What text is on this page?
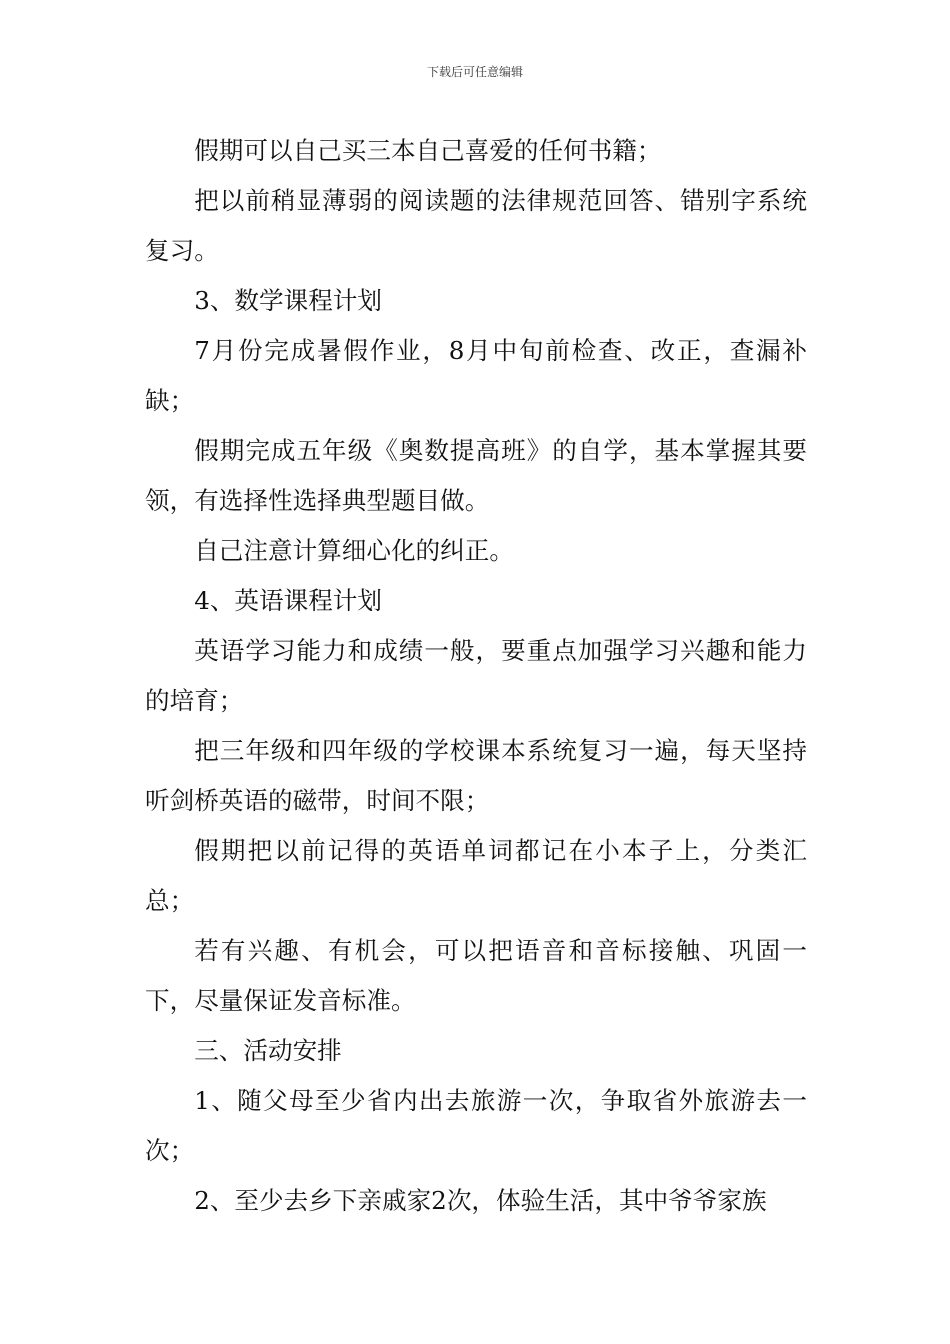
下载后可任意编辑

假期可以自己买三本自己喜爱的任何书籍；

把以前稍显薄弱的阅读题的法律规范回答、错别字系统复习。

3、数学课程计划

7月份完成暑假作业，8月中旬前检查、改正，查漏补缺；

假期完成五年级《奥数提高班》的自学，基本掌握其要领，有选择性选择典型题目做。

自己注意计算细心化的纠正。

4、英语课程计划

英语学习能力和成绩一般，要重点加强学习兴趣和能力的培育；

把三年级和四年级的学校课本系统复习一遍，每天坚持听剑桥英语的磁带，时间不限；

假期把以前记得的英语单词都记在小本子上，分类汇总；

若有兴趣、有机会，可以把语音和音标接触、巩固一下，尽量保证发音标准。

三、活动安排

1、随父母至少省内出去旅游一次，争取省外旅游去一次；

2、至少去乡下亲戚家2次，体验生活，其中爷爷家族
